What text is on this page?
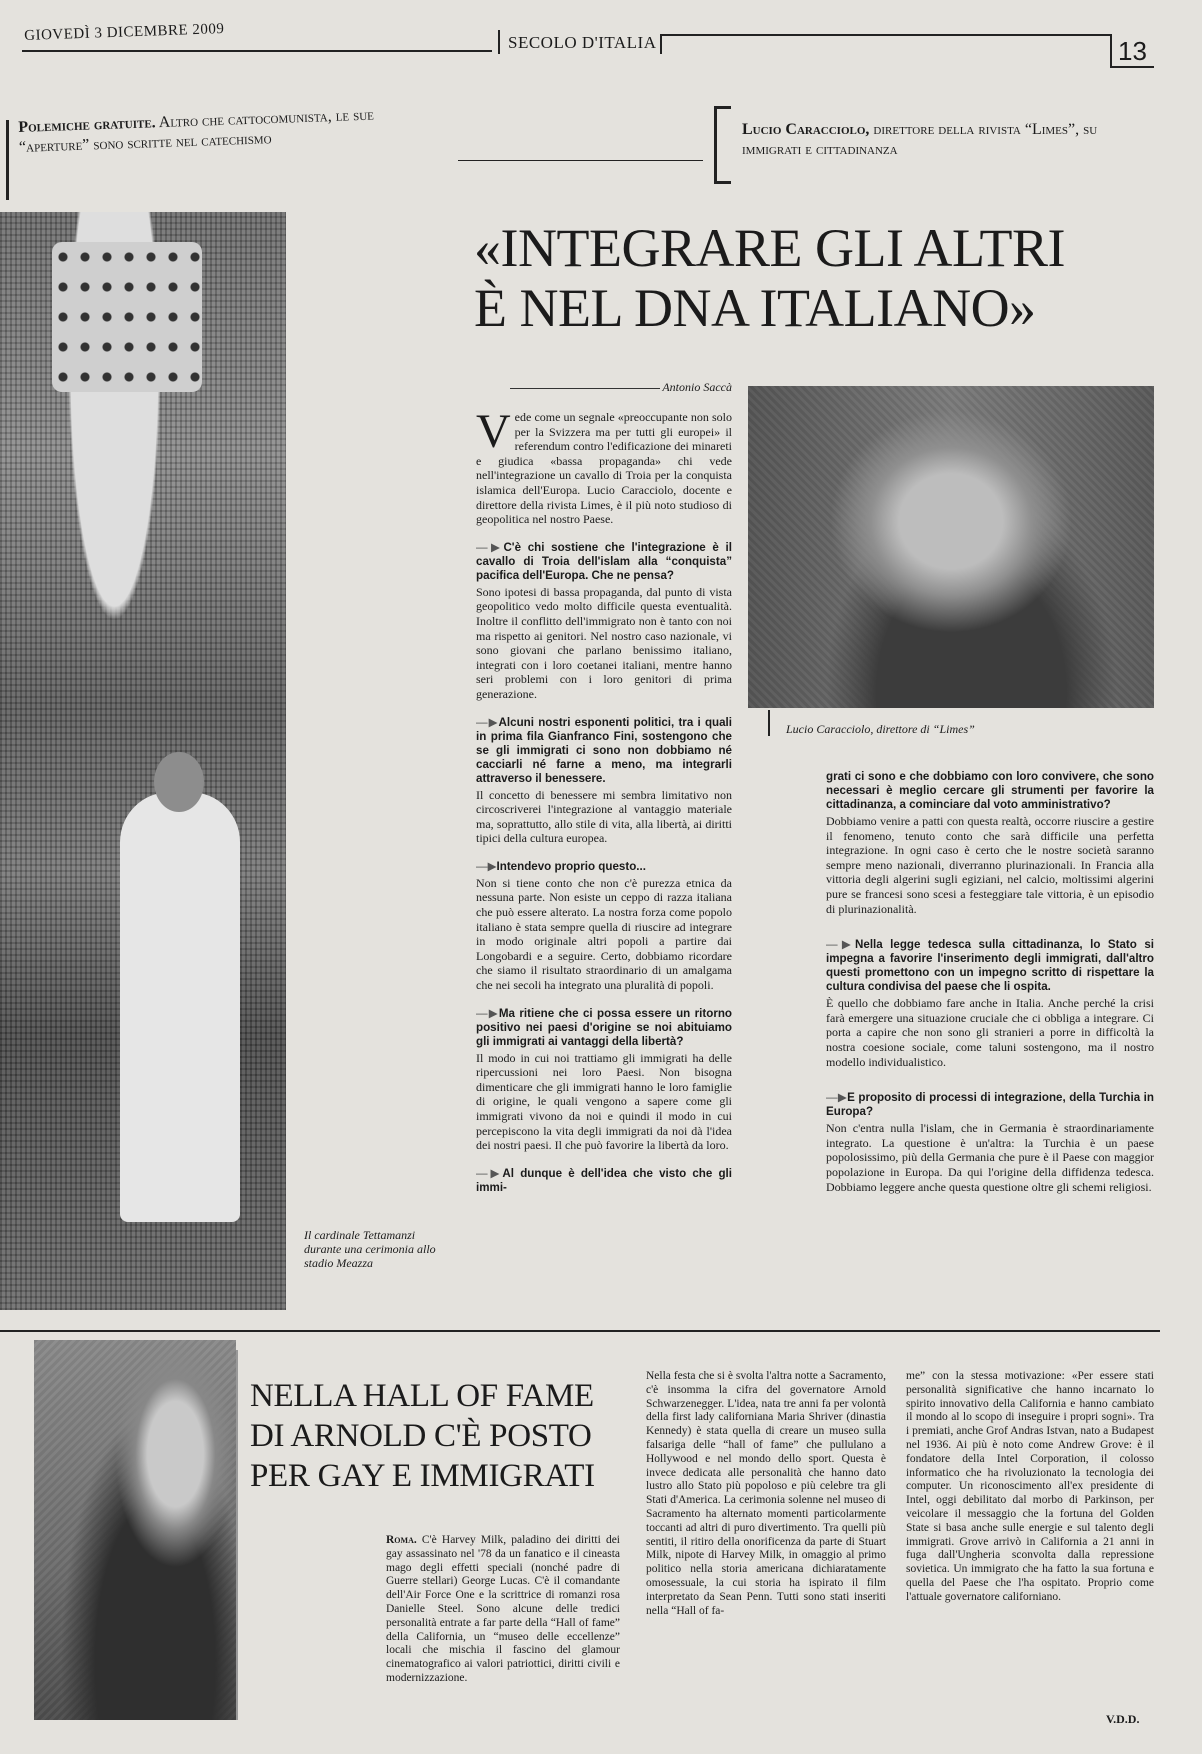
GIOVEDÌ 3 DICEMBRE 2009	SECOLO D'ITALIA	13
Polemiche gratuite. Altro che cattocomunista, le sue “aperture” sono scritte nel catechismo
Lucio Caracciolo, direttore della rivista “Limes”, su immigrati e cittadinanza
«INTEGRARE GLI ALTRI
È NEL DNA ITALIANO»
Il cardinale Tettamanzi durante una cerimonia allo stadio Meazza
Lucio Caracciolo, direttore di “Limes”
Antonio Saccà

V ede come un segnale «preoccupante non solo per la Svizzera ma per tutti gli europei» il referendum contro l'edificazione dei minareti e giudica «bassa propaganda» chi vede nell'integrazione un cavallo di Troia per la conquista islamica dell'Europa. Lucio Caracciolo, docente e direttore della rivista Limes, è il più noto studioso di geopolitica nel nostro Paese.

—▶C'è chi sostiene che l'integrazione è il cavallo di Troia dell'islam alla “conquista” pacifica dell'Europa. Che ne pensa?

Sono ipotesi di bassa propaganda, dal punto di vista geopolitico vedo molto difficile questa eventualità. Inoltre il conflitto dell'immigrato non è tanto con noi ma rispetto ai genitori. Nel nostro caso nazionale, vi sono giovani che parlano benissimo italiano, integrati con i loro coetanei italiani, mentre hanno seri problemi con i loro genitori di prima generazione.

—▶Alcuni nostri esponenti politici, tra i quali in prima fila Gianfranco Fini, sostengono che se gli immigrati ci sono non dobbiamo né cacciarli né farne a meno, ma integrarli attraverso il benessere.

Il concetto di benessere mi sembra limitativo non circoscriverei l'integrazione al vantaggio materiale ma, soprattutto, allo stile di vita, alla libertà, ai diritti tipici della cultura europea.

—▶Intendevo proprio questo...

Non si tiene conto che non c'è purezza etnica da nessuna parte. Non esiste un ceppo di razza italiana che può essere alterato. La nostra forza come popolo italiano è stata sempre quella di riuscire ad integrare in modo originale altri popoli a partire dai Longobardi e a seguire. Certo, dobbiamo ricordare che siamo il risultato straordinario di un amalgama che nei secoli ha integrato una pluralità di popoli.

—▶Ma ritiene che ci possa essere un ritorno positivo nei paesi d'origine se noi abituiamo gli immigrati ai vantaggi della libertà?

Il modo in cui noi trattiamo gli immigrati ha delle ripercussioni nei loro Paesi. Non bisogna dimenticare che gli immigrati hanno le loro famiglie di origine, le quali vengono a sapere come gli immigrati vivono da noi e quindi il modo in cui percepiscono la vita degli immigrati da noi dà l'idea dei nostri paesi. Il che può favorire la libertà da loro.

—▶Al dunque è dell'idea che visto che gli immi-
grati ci sono e che dobbiamo con loro convivere, che sono necessari è meglio cercare gli strumenti per favorire la cittadinanza, a cominciare dal voto amministrativo?

Dobbiamo venire a patti con questa realtà, occorre riuscire a gestire il fenomeno, tenuto conto che sarà difficile una perfetta integrazione. In ogni caso è certo che le nostre società saranno sempre meno nazionali, diverranno plurinazionali. In Francia alla vittoria degli algerini sugli egiziani, nel calcio, moltissimi algerini pure se francesi sono scesi a festeggiare tale vittoria, è un episodio di plurinazionalità.

—▶Nella legge tedesca sulla cittadinanza, lo Stato si impegna a favorire l'inserimento degli immigrati, dall'altro questi promettono con un impegno scritto di rispettare la cultura condivisa del paese che li ospita.

È quello che dobbiamo fare anche in Italia. Anche perché la crisi farà emergere una situazione cruciale che ci obbliga a integrare. Ci porta a capire che non sono gli stranieri a porre in difficoltà la nostra coesione sociale, come taluni sostengono, ma il nostro modello individualistico.

—▶E proposito di processi di integrazione, della Turchia in Europa?

Non c'entra nulla l'islam, che in Germania è straordinariamente integrato. La questione è un'altra: la Turchia è un paese popolosissimo, più della Germania che pure è il Paese con maggior popolazione in Europa. Da qui l'origine della diffidenza tedesca. Dobbiamo leggere anche questa questione oltre gli schemi religiosi.

NELLA HALL OF FAME
DI ARNOLD C'È POSTO
PER GAY E IMMIGRATI
Roma. C'è Harvey Milk, paladino dei diritti dei gay assassinato nel '78 da un fanatico e il cineasta mago degli effetti speciali (nonché padre di Guerre stellari) George Lucas. C'è il comandante dell'Air Force One e la scrittrice di romanzi rosa Danielle Steel. Sono alcune delle tredici personalità entrate a far parte della “Hall of fame” della California, un “museo delle eccellenze” locali che mischia il fascino del glamour cinematografico ai valori patriottici, diritti civili e modernizzazione.
Nella festa che si è svolta l'altra notte a Sacramento, c'è insomma la cifra del governatore Arnold Schwarzenegger. L'idea, nata tre anni fa per volontà della first lady californiana Maria Shriver (dinastia Kennedy) è stata quella di creare un museo sulla falsariga delle “hall of fame” che pullulano a Hollywood e nel mondo dello sport. Questa è invece dedicata alle personalità che hanno dato lustro allo Stato più popoloso e più celebre tra gli Stati d'America. La cerimonia solenne nel museo di Sacramento ha alternato momenti particolarmente toccanti ad altri di puro divertimento. Tra quelli più sentiti, il ritiro della onorificenza da parte di Stuart Milk, nipote di Harvey Milk, in omaggio al primo politico nella storia americana dichiaratamente omosessuale, la cui storia ha ispirato il film interpretato da Sean Penn. Tutti sono stati inseriti nella “Hall of fa-
me” con la stessa motivazione: «Per essere stati personalità significative che hanno incarnato lo spirito innovativo della California e hanno cambiato il mondo al lo scopo di inseguire i propri sogni». Tra i premiati, anche Grof Andras Istvan, nato a Budapest nel 1936. Ai più è noto come Andrew Grove: è il fondatore della Intel Corporation, il colosso informatico che ha rivoluzionato la tecnologia dei computer. Un riconoscimento all'ex presidente di Intel, oggi debilitato dal morbo di Parkinson, per veicolare il messaggio che la fortuna del Golden State si basa anche sulle energie e sul talento degli immigrati. Grove arrivò in California a 21 anni in fuga dall'Ungheria sconvolta dalla repressione sovietica. Un immigrato che ha fatto la sua fortuna e quella del Paese che l'ha ospitato. Proprio come l'attuale governatore californiano.
V.D.D.
